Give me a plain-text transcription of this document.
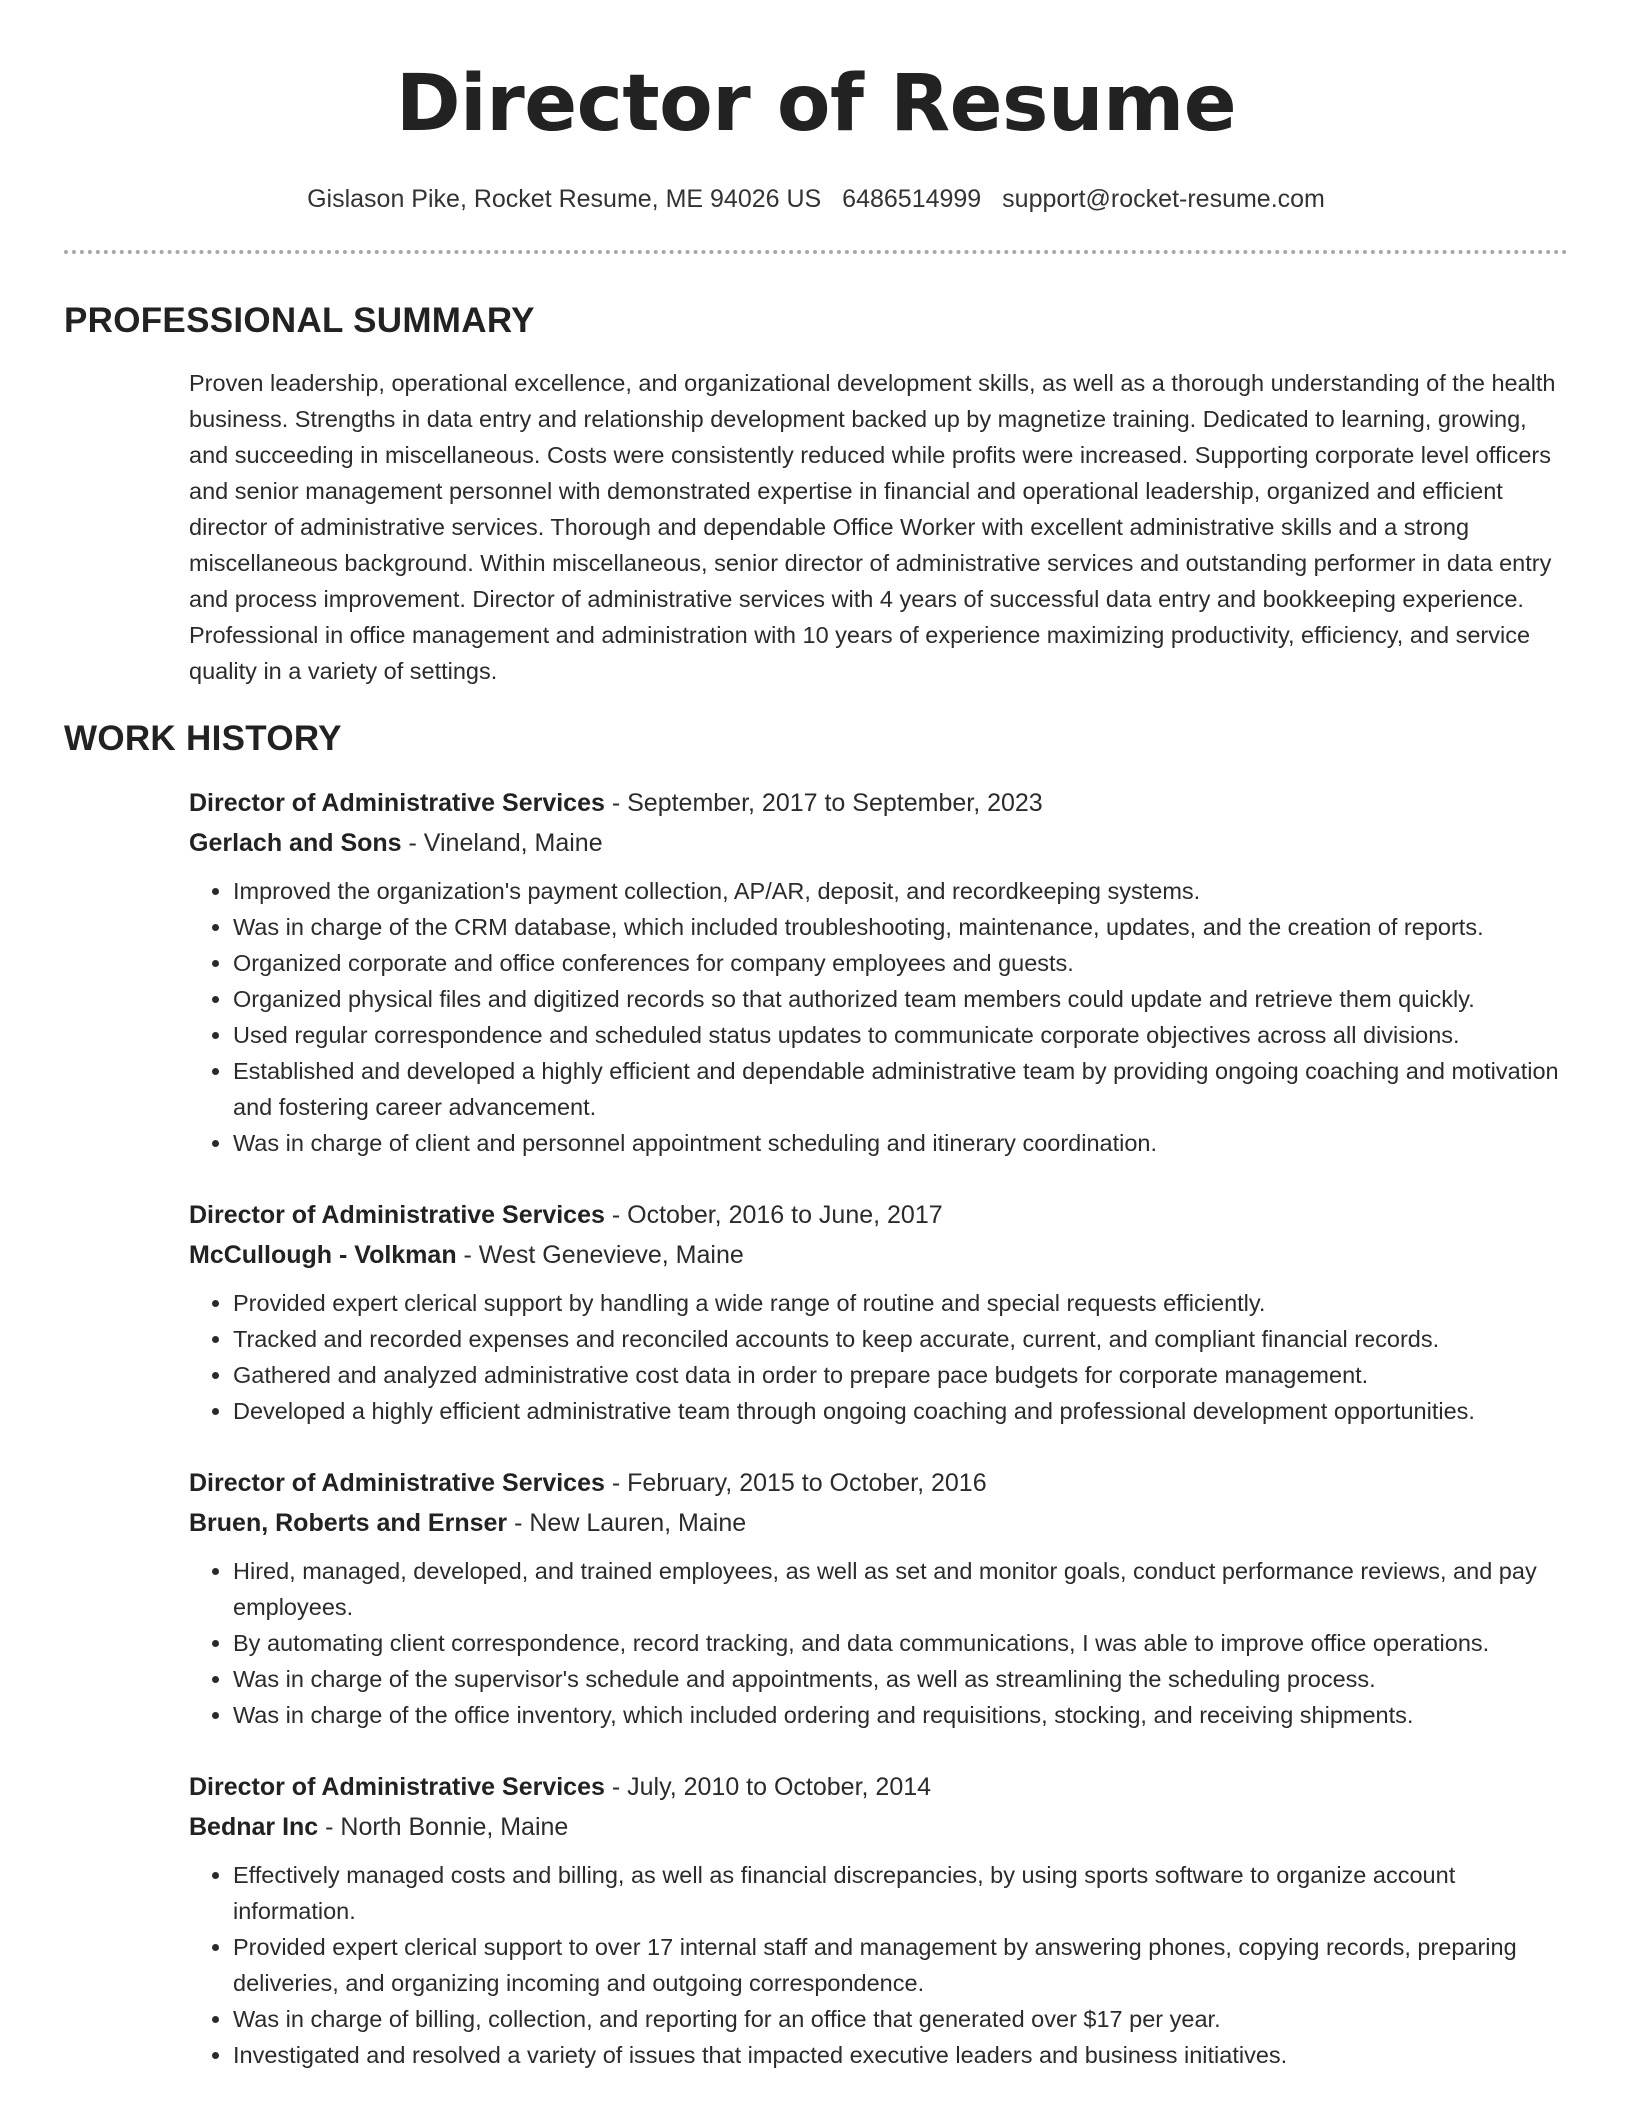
Director of Resume
Gislason Pike, Rocket Resume, ME 94026 US 6486514999 support@rocket-resume.com
PROFESSIONAL SUMMARY

Proven leadership, operational excellence, and organizational development skills, as well as a thorough understanding of the health business. Strengths in data entry and relationship development backed up by magnetize training. Dedicated to learning, growing, and succeeding in miscellaneous. Costs were consistently reduced while profits were increased. Supporting corporate level officers and senior management personnel with demonstrated expertise in financial and operational leadership, organized and efficient director of administrative services. Thorough and dependable Office Worker with excellent administrative skills and a strong miscellaneous background. Within miscellaneous, senior director of administrative services and outstanding performer in data entry and process improvement. Director of administrative services with 4 years of successful data entry and bookkeeping experience. Professional in office management and administration with 10 years of experience maximizing productivity, efficiency, and service quality in a variety of settings.

WORK HISTORY
Director of Administrative Services - September, 2017 to September, 2023
Gerlach and Sons - Vineland, Maine
• Improved the organization's payment collection, AP/AR, deposit, and recordkeeping systems.
• Was in charge of the CRM database, which included troubleshooting, maintenance, updates, and the creation of reports.
• Organized corporate and office conferences for company employees and guests.
• Organized physical files and digitized records so that authorized team members could update and retrieve them quickly.
• Used regular correspondence and scheduled status updates to communicate corporate objectives across all divisions.
• Established and developed a highly efficient and dependable administrative team by providing ongoing coaching and motivation and fostering career advancement.
• Was in charge of client and personnel appointment scheduling and itinerary coordination.
Director of Administrative Services - October, 2016 to June, 2017
McCullough - Volkman - West Genevieve, Maine
• Provided expert clerical support by handling a wide range of routine and special requests efficiently.
• Tracked and recorded expenses and reconciled accounts to keep accurate, current, and compliant financial records.
• Gathered and analyzed administrative cost data in order to prepare pace budgets for corporate management.
• Developed a highly efficient administrative team through ongoing coaching and professional development opportunities.
Director of Administrative Services - February, 2015 to October, 2016
Bruen, Roberts and Ernser - New Lauren, Maine
• Hired, managed, developed, and trained employees, as well as set and monitor goals, conduct performance reviews, and pay employees.
• By automating client correspondence, record tracking, and data communications, I was able to improve office operations.
• Was in charge of the supervisor's schedule and appointments, as well as streamlining the scheduling process.
• Was in charge of the office inventory, which included ordering and requisitions, stocking, and receiving shipments.
Director of Administrative Services - July, 2010 to October, 2014
Bednar Inc - North Bonnie, Maine
• Effectively managed costs and billing, as well as financial discrepancies, by using sports software to organize account information.
• Provided expert clerical support to over 17 internal staff and management by answering phones, copying records, preparing deliveries, and organizing incoming and outgoing correspondence.
• Was in charge of billing, collection, and reporting for an office that generated over $17 per year.
• Investigated and resolved a variety of issues that impacted executive leaders and business initiatives.
